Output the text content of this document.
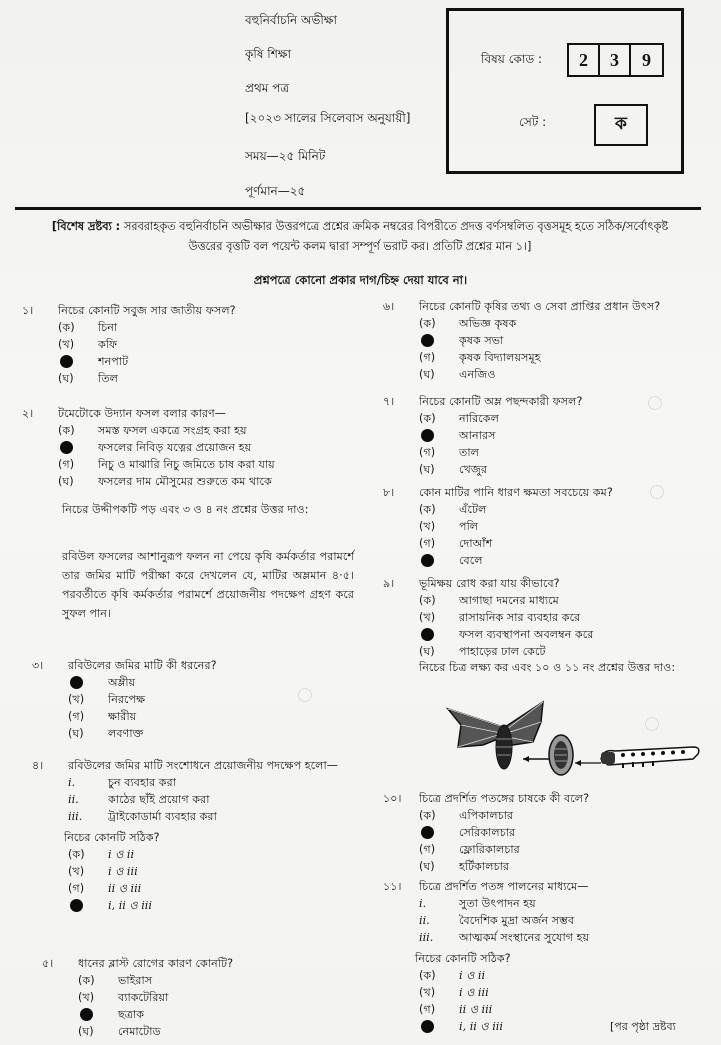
বহুনির্বাচনি অভীক্ষা
কৃষি শিক্ষা
প্রথম পত্র
[২০২৩ সালের সিলেবাস অনুযায়ী]
সময়—২৫ মিনিট
পূর্ণমান—২৫
বিষয় কোড :	2	3	9
সেট :	ক
[বিশেষ দ্রষ্টব্য : সরবরাহকৃত বহুনির্বাচনি অভীক্ষার উত্তরপত্রে প্রশ্নের ক্রমিক নম্বরের বিপরীতে প্রদত্ত বর্ণসম্বলিত বৃত্তসমূহ হতে সঠিক/সর্বোৎকৃষ্ট উত্তরের বৃত্তটি বল পয়েন্ট কলম দ্বারা সম্পূর্ণ ভরাট কর। প্রতিটি প্রশ্নের মান ১।]
প্রশ্নপত্রে কোনো প্রকার দাগ/চিহ্ন দেয়া যাবে না।
১।	নিচের কোনটি সবুজ সার জাতীয় ফসল?
(ক)	চিনা
(খ)	কফি
শনপাট
(ঘ)	তিল
২।	টমেটোকে উদ্যান ফসল বলার কারণ—
(ক)	সমস্ত ফসল একত্রে সংগ্রহ করা হয়
ফসলের নিবিড় যত্নের প্রয়োজন হয়
(গ)	নিচু ও মাঝারি নিচু জমিতে চাষ করা যায়
(ঘ)	ফসলের দাম মৌসুমের শুরুতে কম থাকে
নিচের উদ্দীপকটি পড় এবং ৩ ও ৪ নং প্রশ্নের উত্তর দাও:
রবিউল ফসলের আশানুরূপ ফলন না পেয়ে কৃষি কর্মকর্তার পরামর্শে তার জমির মাটি পরীক্ষা করে দেখলেন যে, মাটির অম্লমান ৪·৫। পরবর্তীতে কৃষি কর্মকর্তার পরামর্শে প্রয়োজনীয় পদক্ষেপ গ্রহণ করে সুফল পান।
৩।	রবিউলের জমির মাটি কী ধরনের?
অম্লীয়
(খ)	নিরপেক্ষ
(গ)	ক্ষারীয়
(ঘ)	লবণাক্ত
৪।	রবিউলের জমির মাটি সংশোধনে প্রয়োজনীয় পদক্ষেপ হলো—
i.	চুন ব্যবহার করা
ii.	কাঠের ছাঁই প্রয়োগ করা
iii.	ট্রাইকোডার্মা ব্যবহার করা
নিচের কোনটি সঠিক?
(ক)	i ও ii
(খ)	i ও iii
(গ)	ii ও iii
i, ii ও iii
৫।	ধানের ব্লাস্ট রোগের কারণ কোনটি?
(ক)	ভাইরাস
(খ)	ব্যাকটেরিয়া
ছত্রাক
(ঘ)	নেমাটোড
৬।	নিচের কোনটি কৃষির তথ্য ও সেবা প্রাপ্তির প্রধান উৎস?
(ক)	অভিজ্ঞ কৃষক
কৃষক সভা
(গ)	কৃষক বিদ্যালয়সমূহ
(ঘ)	এনজিও
৭।	নিচের কোনটি অম্ল পছন্দকারী ফসল?
(ক)	নারিকেল
আনারস
(গ)	তাল
(ঘ)	খেজুর
৮।	কোন মাটির পানি ধারণ ক্ষমতা সবচেয়ে কম?
(ক)	এঁটেল
(খ)	পলি
(গ)	দোআঁশ
বেলে
৯।	ভূমিক্ষয় রোধ করা যায় কীভাবে?
(ক)	আগাছা দমনের মাধ্যমে
(খ)	রাসায়নিক সার ব্যবহার করে
ফসল ব্যবস্থাপনা অবলম্বন করে
(ঘ)	পাহাড়ের ঢাল কেটে
নিচের চিত্র লক্ষ্য কর এবং ১০ ও ১১ নং প্রশ্নের উত্তর দাও:
১০।	চিত্রে প্রদর্শিত পতঙ্গের চাষকে কী বলে?
(ক)	এপিকালচার
সেরিকালচার
(গ)	ফ্লোরিকালচার
(ঘ)	হর্টিকালচার
১১।	চিত্রে প্রদর্শিত পতঙ্গ পালনের মাধ্যমে—
i.	সুতা উৎপাদন হয়
ii.	বৈদেশিক মুদ্রা অর্জন সম্ভব
iii.	আত্মকর্ম সংস্থানের সুযোগ হয়
নিচের কোনটি সঠিক?
(ক)	i ও ii
(খ)	i ও iii
(গ)	ii ও iii
i, ii ও iii	[পর পৃষ্ঠা দ্রষ্টব্য
